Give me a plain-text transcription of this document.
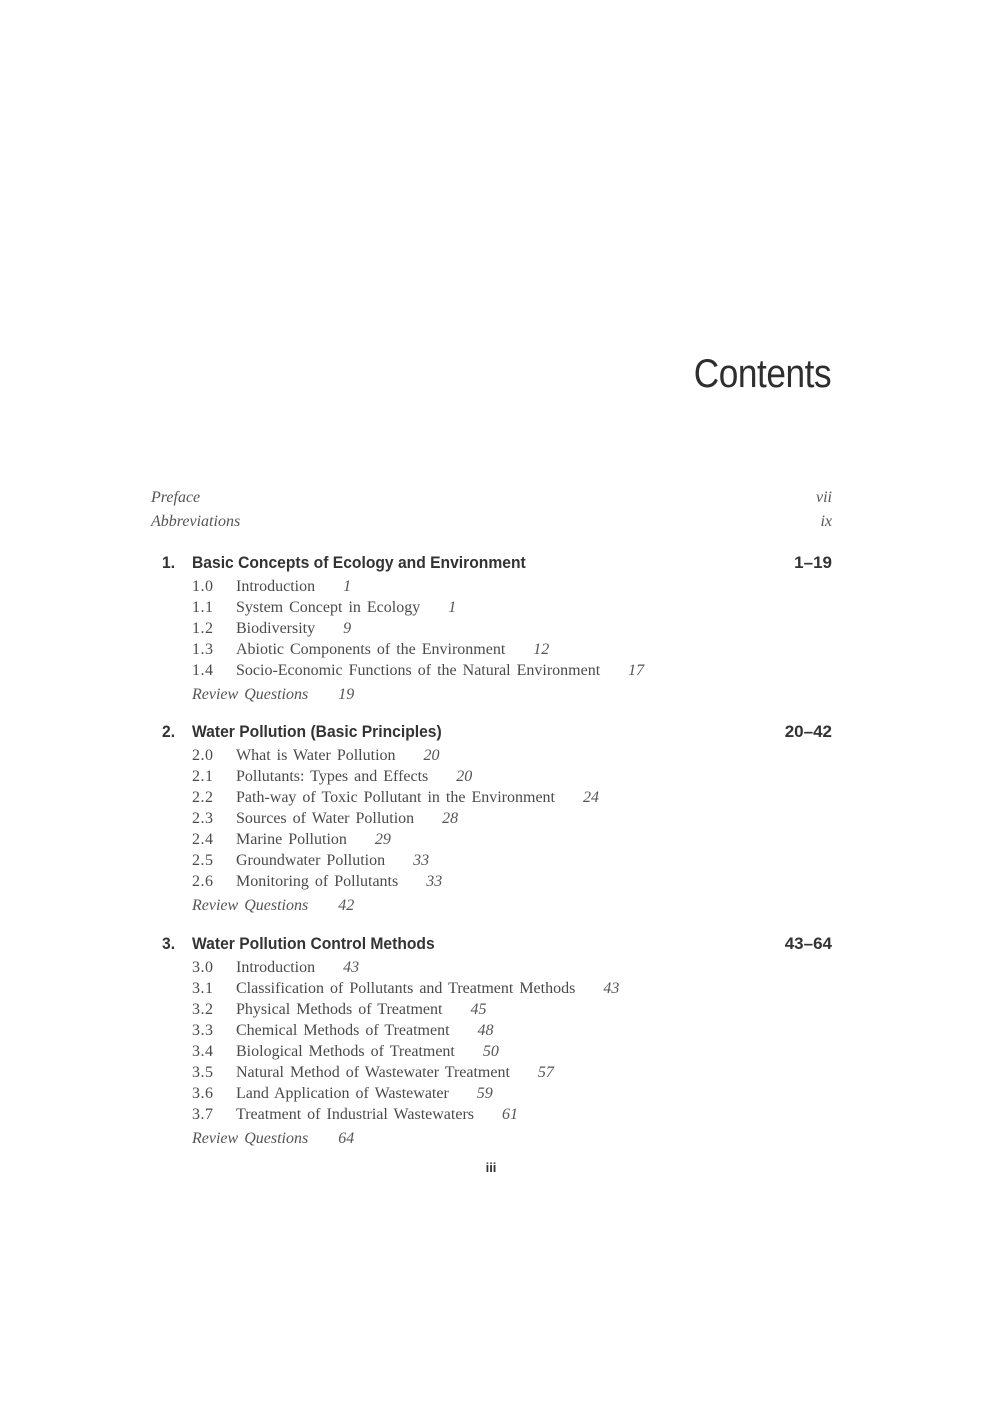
Contents
Preface	vii
Abbreviations	ix
1. Basic Concepts of Ecology and Environment	1–19
1.0 Introduction 1
1.1 System Concept in Ecology 1
1.2 Biodiversity 9
1.3 Abiotic Components of the Environment 12
1.4 Socio-Economic Functions of the Natural Environment 17
Review Questions 19
2. Water Pollution (Basic Principles)	20–42
2.0 What is Water Pollution 20
2.1 Pollutants: Types and Effects 20
2.2 Path-way of Toxic Pollutant in the Environment 24
2.3 Sources of Water Pollution 28
2.4 Marine Pollution 29
2.5 Groundwater Pollution 33
2.6 Monitoring of Pollutants 33
Review Questions 42
3. Water Pollution Control Methods	43–64
3.0 Introduction 43
3.1 Classification of Pollutants and Treatment Methods 43
3.2 Physical Methods of Treatment 45
3.3 Chemical Methods of Treatment 48
3.4 Biological Methods of Treatment 50
3.5 Natural Method of Wastewater Treatment 57
3.6 Land Application of Wastewater 59
3.7 Treatment of Industrial Wastewaters 61
Review Questions 64
iii
